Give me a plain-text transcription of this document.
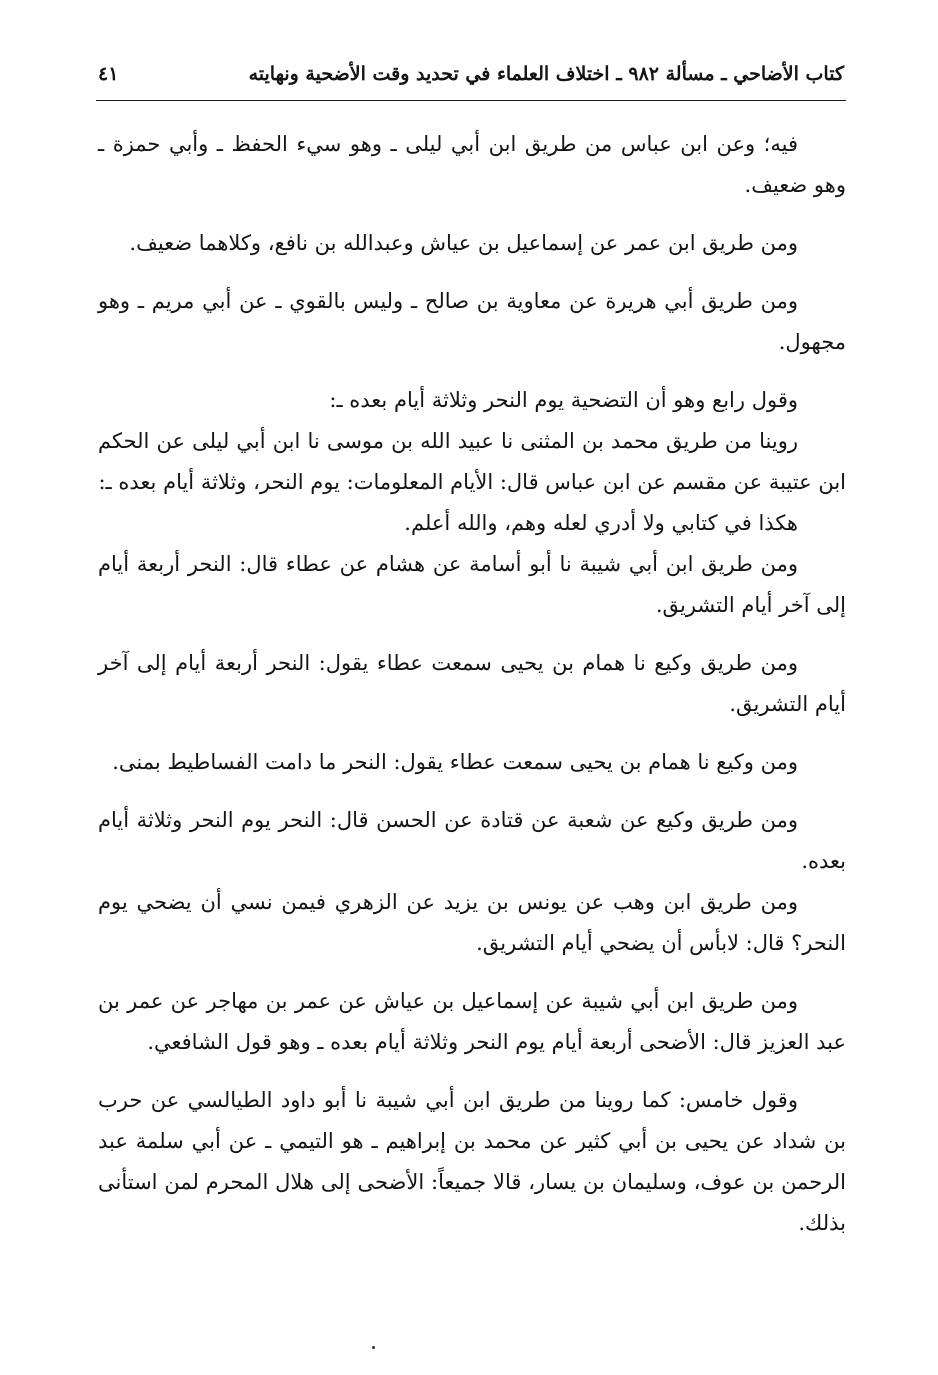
كتاب الأضاحي ـ مسألة ٩٨٢ ـ اختلاف العلماء في تحديد وقت الأضحية ونهايته
٤١

فيه؛ وعن ابن عباس من طريق ابن أبي ليلى ـ وهو سيء الحفظ ـ وأبي حمزة ـ وهو ضعيف.

ومن طريق ابن عمر عن إسماعيل بن عياش وعبدالله بن نافع، وكلاهما ضعيف.

ومن طريق أبي هريرة عن معاوية بن صالح ـ وليس بالقوي ـ عن أبي مريم ـ وهو مجهول.

وقول رابع وهو أن التضحية يوم النحر وثلاثة أيام بعده ـ:

روينا من طريق محمد بن المثنى نا عبيد الله بن موسى نا ابن أبي ليلى عن الحكم ابن عتيبة عن مقسم عن ابن عباس قال: الأيام المعلومات: يوم النحر، وثلاثة أيام بعده ـ:

هكذا في كتابي ولا أدري لعله وهم، والله أعلم.

ومن طريق ابن أبي شيبة نا أبو أسامة عن هشام عن عطاء قال: النحر أربعة أيام إلى آخر أيام التشريق.

ومن طريق وكيع نا همام بن يحيى سمعت عطاء يقول: النحر أربعة أيام إلى آخر أيام التشريق.

ومن وكيع نا همام بن يحيى سمعت عطاء يقول: النحر ما دامت الفساطيط بمنى.

ومن طريق وكيع عن شعبة عن قتادة عن الحسن قال: النحر يوم النحر وثلاثة أيام بعده.

ومن طريق ابن وهب عن يونس بن يزيد عن الزهري فيمن نسي أن يضحي يوم النحر؟ قال: لابأس أن يضحي أيام التشريق.

ومن طريق ابن أبي شيبة عن إسماعيل بن عياش عن عمر بن مهاجر عن عمر بن عبد العزيز قال: الأضحى أربعة أيام يوم النحر وثلاثة أيام بعده ـ وهو قول الشافعي.

وقول خامس: كما روينا من طريق ابن أبي شيبة نا أبو داود الطيالسي عن حرب بن شداد عن يحيى بن أبي كثير عن محمد بن إبراهيم ـ هو التيمي ـ عن أبي سلمة عبد الرحمن بن عوف، وسليمان بن يسار، قالا جميعاً: الأضحى إلى هلال المحرم لمن استأنى بذلك.
